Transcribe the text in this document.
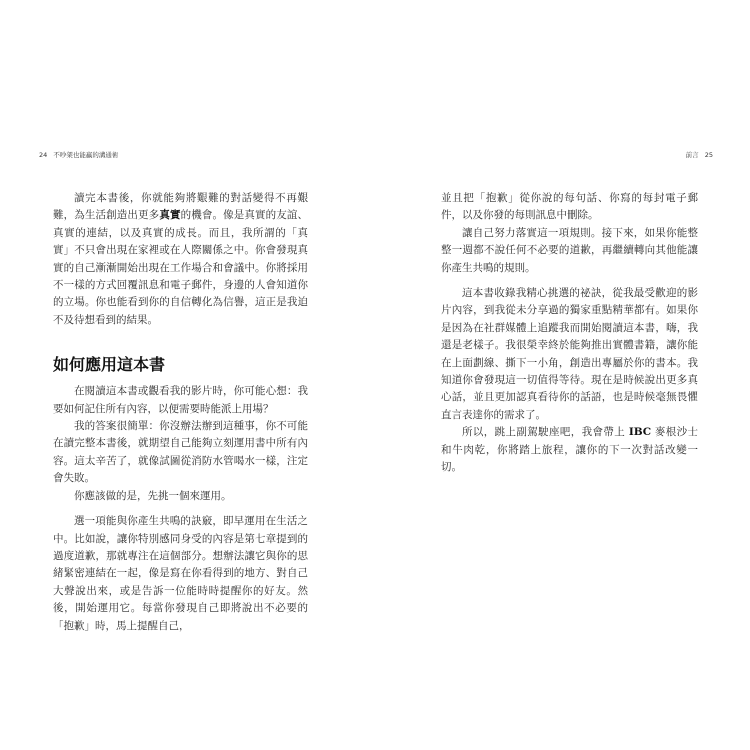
24 不吵架也能贏的溝通術

讀完本書後，你就能夠將艱難的對話變得不再艱難，為生活創造出更多真實的機會。像是真實的友誼、真實的連結，以及真實的成長。而且，我所謂的「真實」不只會出現在家裡或在人際關係之中。你會發現真實的自己漸漸開始出現在工作場合和會議中。你將採用不一樣的方式回覆訊息和電子郵件，身邊的人會知道你的立場。你也能看到你的自信轉化為信譽，這正是我迫不及待想看到的結果。

如何應用這本書

在閱讀這本書或觀看我的影片時，你可能心想：我要如何記住所有內容，以便需要時能派上用場？

我的答案很簡單：你沒辦法辦到這種事，你不可能在讀完整本書後，就期望自己能夠立刻運用書中所有內容。這太辛苦了，就像試圖從消防水管喝水一樣，注定會失敗。

你應該做的是，先挑一個來運用。

選一項能與你產生共鳴的訣竅，即早運用在生活之中。比如說，讓你特別感同身受的內容是第七章提到的過度道歉，那就專注在這個部分。想辦法讓它與你的思緒緊密連結在一起，像是寫在你看得到的地方、對自己大聲說出來，或是告訴一位能時時提醒你的好友。然後，開始運用它。每當你發現自己即將說出不必要的「抱歉」時，馬上提醒自己，

前言 25

並且把「抱歉」從你說的每句話、你寫的每封電子郵件，以及你發的每則訊息中刪除。

讓自己努力落實這一項規則。接下來，如果你能整整一週都不說任何不必要的道歉，再繼續轉向其他能讓你產生共鳴的規則。

這本書收錄我精心挑選的祕訣，從我最受歡迎的影片內容，到我從未分享過的獨家重點精華都有。如果你是因為在社群媒體上追蹤我而開始閱讀這本書，嗨，我還是老樣子。我很榮幸終於能夠推出實體書籍，讓你能在上面劃線、撕下一小角，創造出專屬於你的書本。我知道你會發現這一切值得等待。現在是時候說出更多真心話，並且更加認真看待你的話語，也是時候毫無畏懼直言表達你的需求了。

所以，跳上副駕駛座吧，我會帶上 IBC 麥根沙士和牛肉乾，你將踏上旅程，讓你的下一次對話改變一切。
